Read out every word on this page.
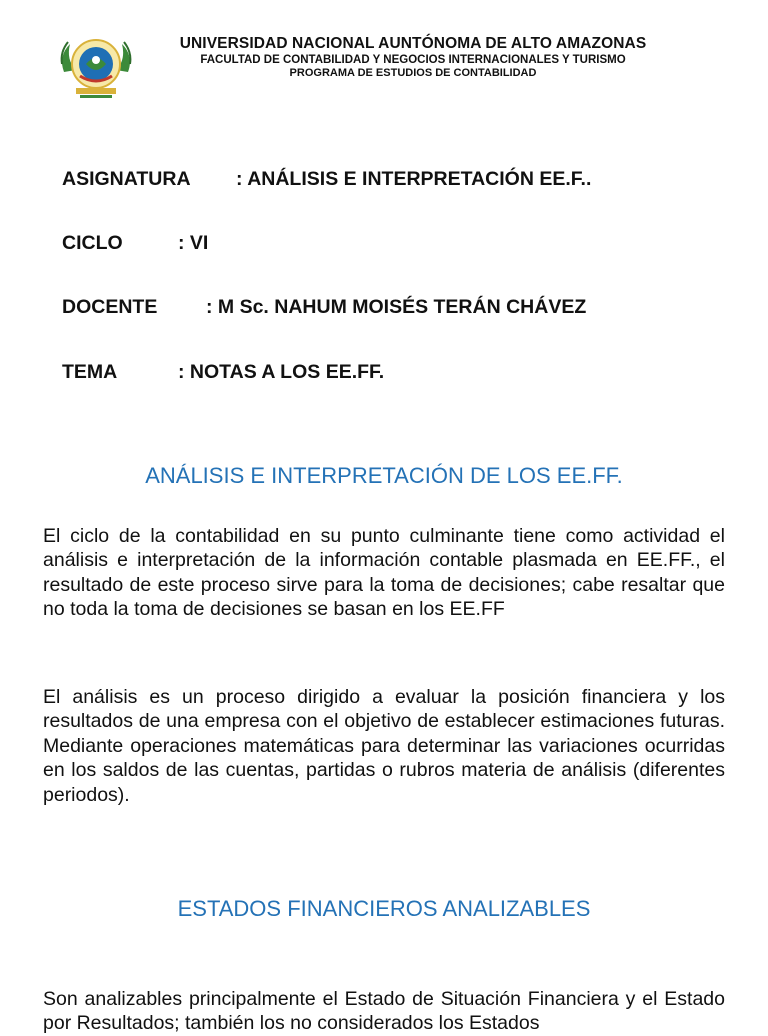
UNIVERSIDAD NACIONAL AUNTÓNOMA DE ALTO AMAZONAS
FACULTAD DE CONTABILIDAD Y NEGOCIOS INTERNACIONALES Y TURISMO
PROGRAMA DE ESTUDIOS DE CONTABILIDAD
ASIGNATURA : ANÁLISIS E INTERPRETACIÓN EE.F..
CICLO	: VI
DOCENTE : M Sc. NAHUM MOISÉS TERÁN CHÁVEZ
TEMA	: NOTAS A LOS EE.FF.
ANÁLISIS E INTERPRETACIÓN DE LOS EE.FF.
El ciclo de la contabilidad en su punto culminante tiene como actividad el análisis e interpretación de la información contable plasmada en EE.FF., el resultado de este proceso sirve para la toma de decisiones; cabe resaltar que no toda la toma de decisiones se basan en los EE.FF
El análisis es un proceso dirigido a evaluar la posición financiera y los resultados de una empresa con el objetivo de establecer estimaciones futuras. Mediante operaciones matemáticas para determinar las variaciones ocurridas en los saldos de las cuentas, partidas o rubros materia de análisis (diferentes periodos).
ESTADOS FINANCIEROS ANALIZABLES
Son analizables principalmente el Estado de Situación Financiera y el Estado por Resultados; también los no considerados los Estados
